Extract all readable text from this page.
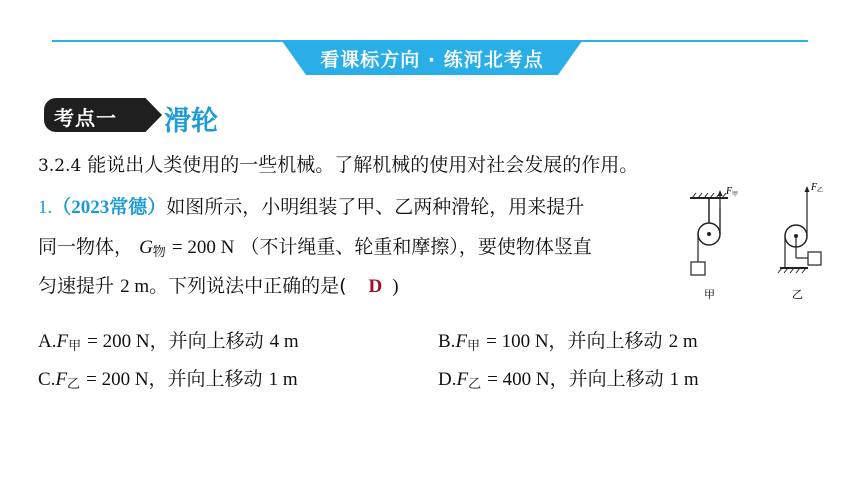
看课标方向 · 练河北考点
考点一 滑轮
3.2.4 能说出人类使用的一些机械。了解机械的使用对社会发展的作用。
1.（2023常德）如图所示，小明组装了甲、乙两种滑轮，用来提升
同一物体， $G_物 = 200$ N （不计绳重、轮重和摩擦），要使物体竖直
匀速提升 2 m。下列说法中正确的是( D )
$A.F_甲 = 200$ N，并向上移动 4 m	$B.F_甲 = 100$ N，并向上移动 2 m
$C.F_乙 = 200$ N，并向上移动 1 m	$D.F_乙 = 400$ N，并向上移动 1 m
F 甲
甲
F 乙
乙
